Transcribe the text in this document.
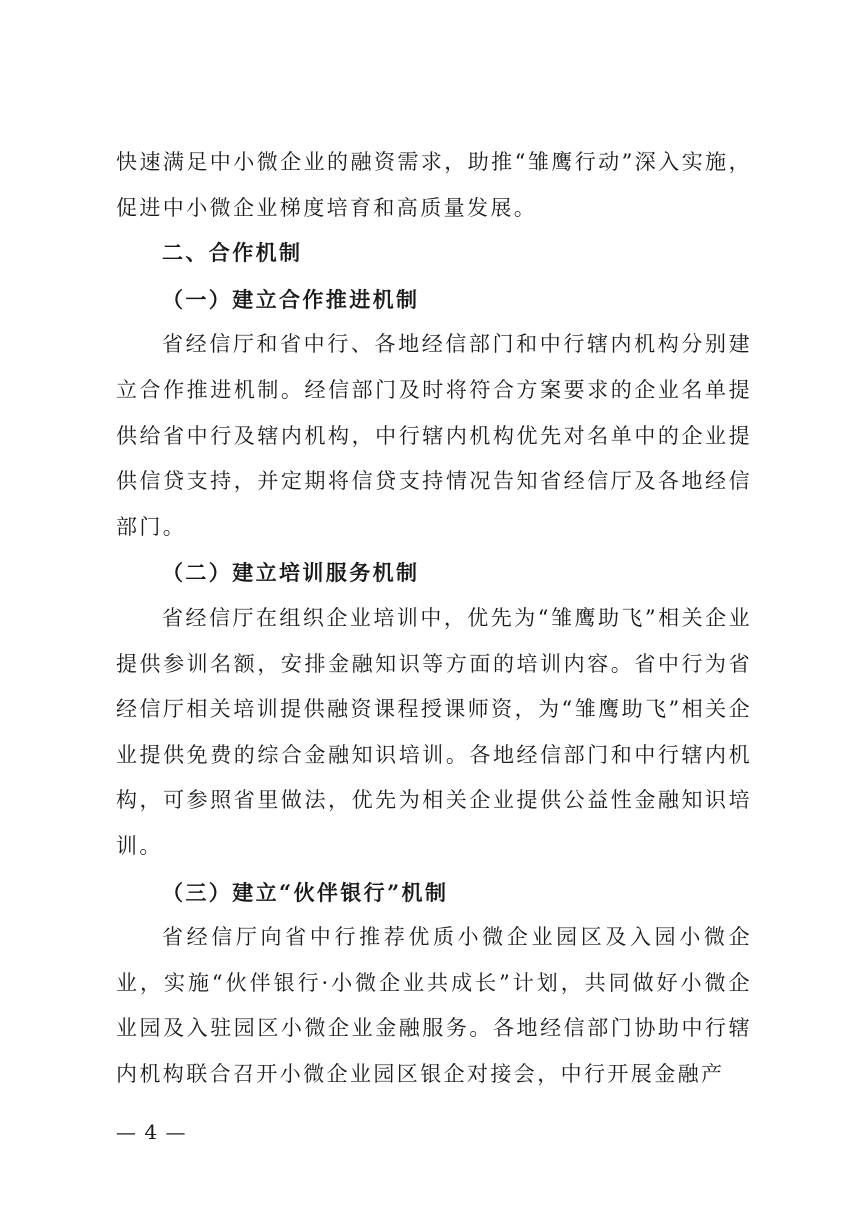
快速满足中小微企业的融资需求，助推“雏鹰行动”深入实施，促进中小微企业梯度培育和高质量发展。

二、合作机制

（一）建立合作推进机制

省经信厅和省中行、各地经信部门和中行辖内机构分别建立合作推进机制。经信部门及时将符合方案要求的企业名单提供给省中行及辖内机构，中行辖内机构优先对名单中的企业提供信贷支持，并定期将信贷支持情况告知省经信厅及各地经信部门。

（二）建立培训服务机制

省经信厅在组织企业培训中，优先为“雏鹰助飞”相关企业提供参训名额，安排金融知识等方面的培训内容。省中行为省经信厅相关培训提供融资课程授课师资，为“雏鹰助飞”相关企业提供免费的综合金融知识培训。各地经信部门和中行辖内机构，可参照省里做法，优先为相关企业提供公益性金融知识培训。

（三）建立“伙伴银行”机制

省经信厅向省中行推荐优质小微企业园区及入园小微企业，实施“伙伴银行·小微企业共成长”计划，共同做好小微企业园及入驻园区小微企业金融服务。各地经信部门协助中行辖内机构联合召开小微企业园区银企对接会，中行开展金融产

— 4 —
